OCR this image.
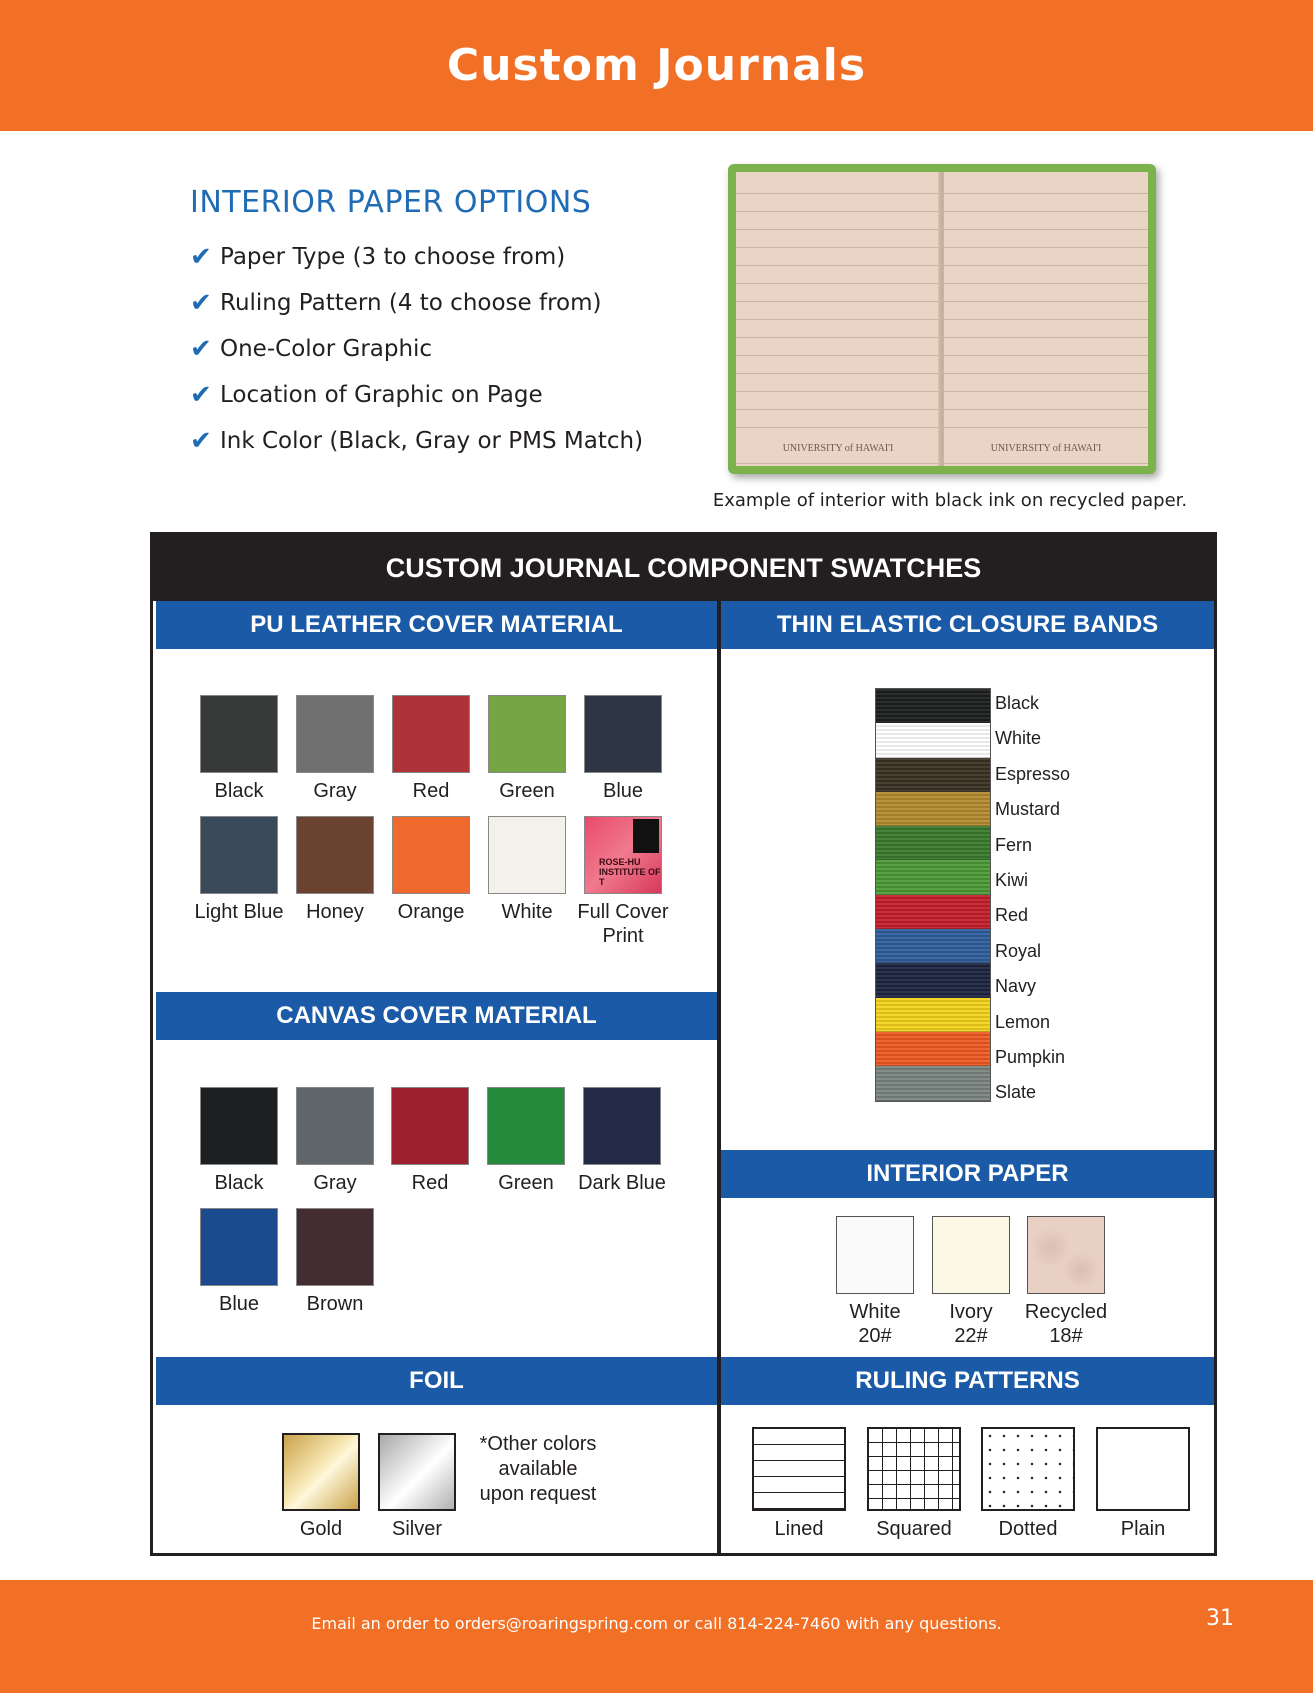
Custom Journals
INTERIOR PAPER OPTIONS
✔ Paper Type (3 to choose from)
✔ Ruling Pattern (4 to choose from)
✔ One-Color Graphic
✔ Location of Graphic on Page
✔ Ink Color (Black, Gray or PMS Match)	UNIVERSITY of HAWAI'I	UNIVERSITY of HAWAI'I
Example of interior with black ink on recycled paper.
CUSTOM JOURNAL COMPONENT SWATCHES
PU LEATHER COVER MATERIAL
CANVAS COVER MATERIAL
FOIL
*Other colors
available
upon request
THIN ELASTIC CLOSURE BANDS
INTERIOR PAPER
RULING PATTERNS
Black	Gray	Red	Green	Blue
Light Blue	Honey	Orange	White
ROSE-HU INSTITUTE OF T
Full Cover Print
Black	Gray	Red	Green	Dark Blue
Blue	Brown
Gold	Silver
Black
White
Espresso
Mustard
Fern
Kiwi
Red
Royal
Navy
Lemon
Pumpkin
Slate
White
20#
Ivory
22#
Recycled
18#
Lined	Squared	Dotted	Plain
Email an order to orders@roaringspring.com or call 814-224-7460 with any questions.	31
